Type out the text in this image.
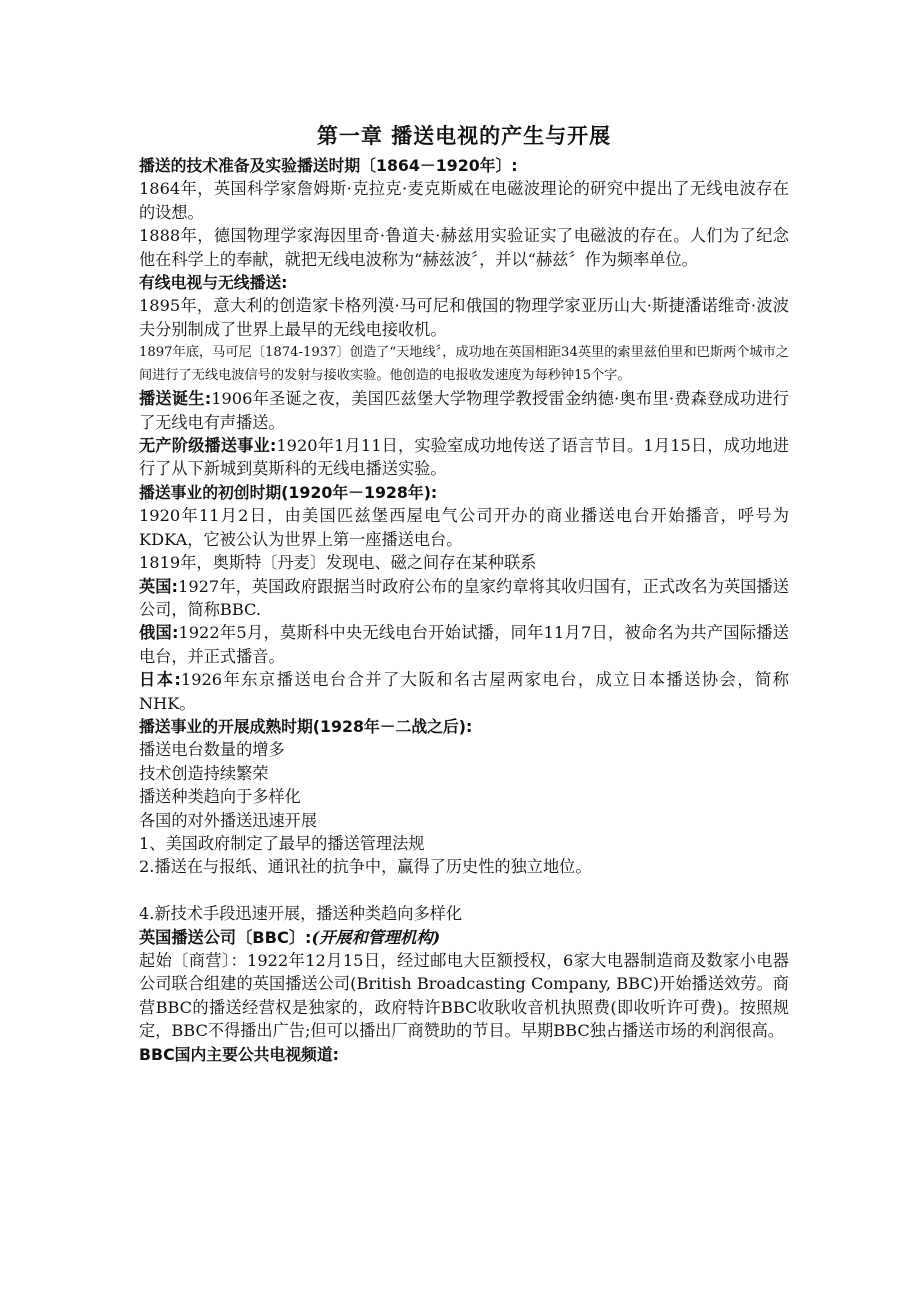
第一章 播送电视的产生与开展

播送的技术准备及实验播送时期〔1864－1920年〕:

1864年，英国科学家詹姆斯·克拉克·麦克斯威在电磁波理论的研究中提出了无线电波存在的设想。

1888年，德国物理学家海因里奇·鲁道夫·赫兹用实验证实了电磁波的存在。人们为了纪念他在科学上的奉献，就把无线电波称为“赫兹波〞，并以“赫兹〞作为频率单位。

有线电视与无线播送:

1895年，意大利的创造家卡格列漠·马可尼和俄国的物理学家亚历山大·斯捷潘诺维奇·波波夫分别制成了世界上最早的无线电接收机。

1897年底，马可尼〔1874-1937〕创造了“天地线〞，成功地在英国相距34英里的索里兹伯里和巴斯两个城市之间进行了无线电波信号的发射与接收实验。他创造的电报收发速度为每秒钟15个字。

播送诞生:1906年圣诞之夜，美国匹兹堡大学物理学教授雷金纳德·奥布里·费森登成功进行了无线电有声播送。

无产阶级播送事业:1920年1月11日，实验室成功地传送了语言节目。1月15日，成功地进行了从下新城到莫斯科的无线电播送实验。

播送事业的初创时期(1920年－1928年):

1920年11月2日，由美国匹兹堡西屋电气公司开办的商业播送电台开始播音，呼号为KDKA，它被公认为世界上第一座播送电台。

1819年，奥斯特〔丹麦〕发现电、磁之间存在某种联系

英国:1927年，英国政府跟据当时政府公布的皇家约章将其收归国有，正式改名为英国播送公司，简称BBC.

俄国:1922年5月，莫斯科中央无线电台开始试播，同年11月7日，被命名为共产国际播送电台，并正式播音。

日本:1926年东京播送电台合并了大阪和名古屋两家电台，成立日本播送协会，简称NHK。

播送事业的开展成熟时期(1928年－二战之后):

播送电台数量的增多

技术创造持续繁荣

播送种类趋向于多样化

各国的对外播送迅速开展

1、美国政府制定了最早的播送管理法规

2.播送在与报纸、通讯社的抗争中，赢得了历史性的独立地位。

4.新技术手段迅速开展，播送种类趋向多样化

英国播送公司〔BBC〕:(开展和管理机构)

起始〔商营〕：1922年12月15日，经过邮电大臣额授权，6家大电器制造商及数家小电器公司联合组建的英国播送公司(British Broadcasting Company, BBC)开始播送效劳。商营BBC的播送经营权是独家的，政府特许BBC收耿收音机执照费(即收听许可费)。按照规定，BBC不得播出广告;但可以播出厂商赞助的节目。早期BBC独占播送市场的利润很高。

BBC国内主要公共电视频道:
